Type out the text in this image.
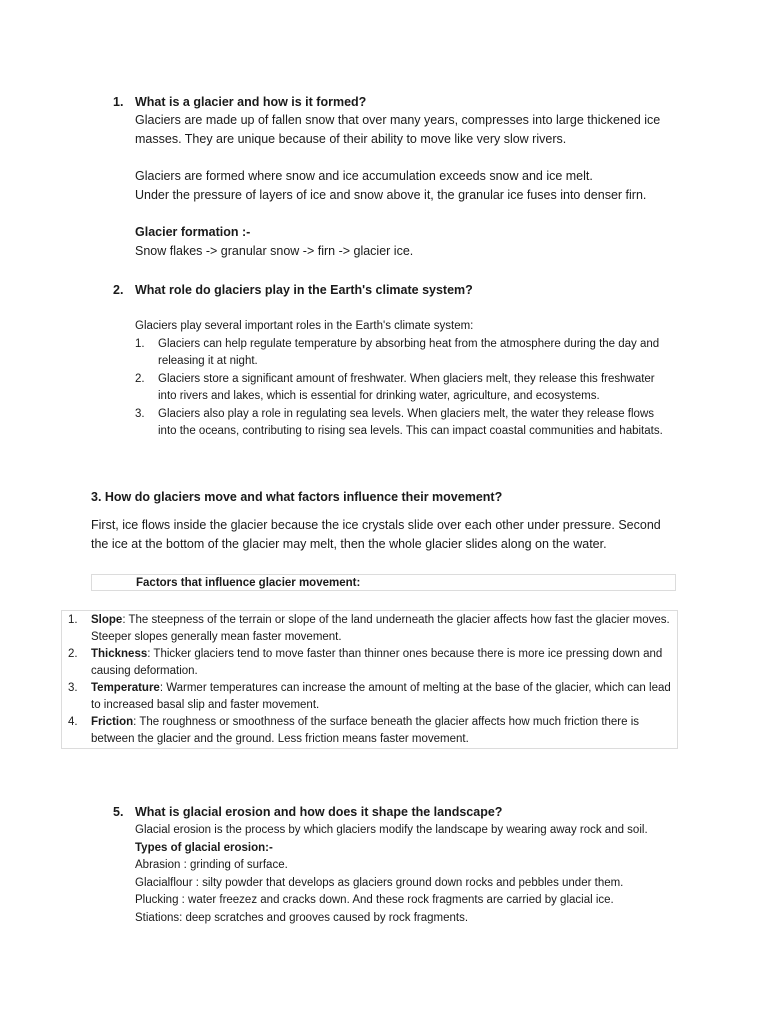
1. What is a glacier and how is it formed?
Glaciers are made up of fallen snow that over many years, compresses into large thickened ice masses. They are unique because of their ability to move like very slow rivers.
Glaciers are formed where snow and ice accumulation exceeds snow and ice melt.
Under the pressure of layers of ice and snow above it, the granular ice fuses into denser firn.
Glacier formation :-
Snow flakes -> granular snow -> firn -> glacier ice.
2. What role do glaciers play in the Earth's climate system?
Glaciers play several important roles in the Earth's climate system:
1. Glaciers can help regulate temperature by absorbing heat from the atmosphere during the day and releasing it at night.
2. Glaciers store a significant amount of freshwater. When glaciers melt, they release this freshwater into rivers and lakes, which is essential for drinking water, agriculture, and ecosystems.
3. Glaciers also play a role in regulating sea levels. When glaciers melt, the water they release flows into the oceans, contributing to rising sea levels. This can impact coastal communities and habitats.
3. How do glaciers move and what factors influence their movement?
First, ice flows inside the glacier because the ice crystals slide over each other under pressure. Second the ice at the bottom of the glacier may melt, then the whole glacier slides along on the water.
Factors that influence glacier movement:
1. Slope: The steepness of the terrain or slope of the land underneath the glacier affects how fast the glacier moves. Steeper slopes generally mean faster movement.
2. Thickness: Thicker glaciers tend to move faster than thinner ones because there is more ice pressing down and causing deformation.
3. Temperature: Warmer temperatures can increase the amount of melting at the base of the glacier, which can lead to increased basal slip and faster movement.
4. Friction: The roughness or smoothness of the surface beneath the glacier affects how much friction there is between the glacier and the ground. Less friction means faster movement.
5. What is glacial erosion and how does it shape the landscape?
Glacial erosion is the process by which glaciers modify the landscape by wearing away rock and soil.
Types of glacial erosion:-
Abrasion : grinding of surface.
Glacialflour : silty powder that develops as glaciers ground down rocks and pebbles under them.
Plucking : water freezez and cracks down. And these rock fragments are carried by glacial ice.
Stiations: deep scratches and grooves caused by rock fragments.
